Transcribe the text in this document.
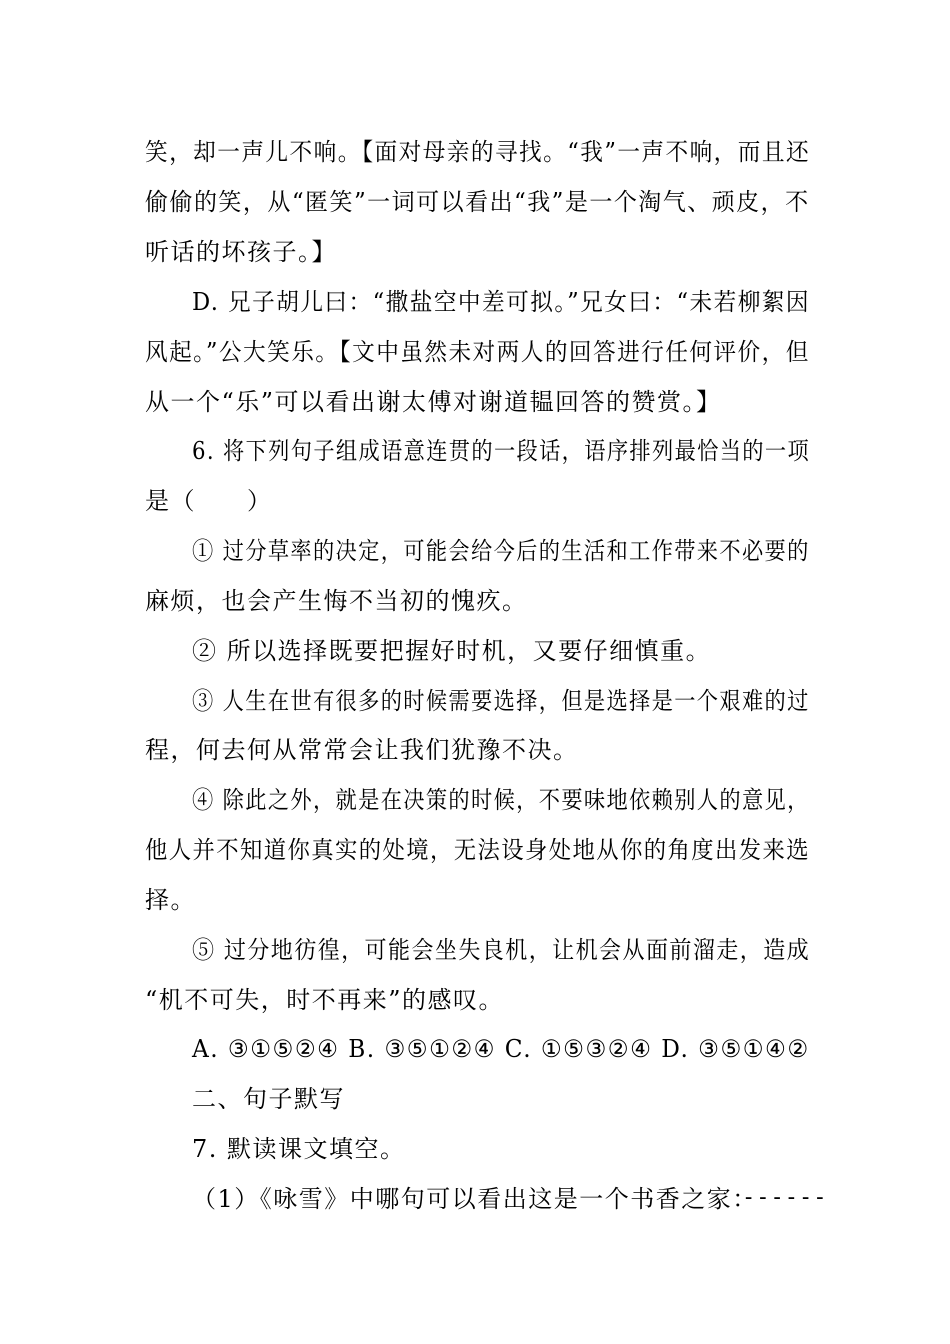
笑，却一声儿不响。【面对母亲的寻找。“我”一声不响，而且还
偷偷的笑，从“匿笑”一词可以看出“我”是一个淘气、顽皮，不
听话的坏孩子。】
D. 兄子胡儿曰：“撒盐空中差可拟。”兄女曰：“未若柳絮因
风起。”公大笑乐。【文中虽然未对两人的回答进行任何评价，但
从一个“乐”可以看出谢太傅对谢道韫回答的赞赏。】
6. 将下列句子组成语意连贯的一段话，语序排列最恰当的一项
是（　　）
① 过分草率的决定，可能会给今后的生活和工作带来不必要的
麻烦，也会产生悔不当初的愧疚。
② 所以选择既要把握好时机，又要仔细慎重。
③ 人生在世有很多的时候需要选择，但是选择是一个艰难的过
程，何去何从常常会让我们犹豫不决。
④ 除此之外，就是在决策的时候，不要味地依赖别人的意见，
他人并不知道你真实的处境，无法设身处地从你的角度出发来选
择。
⑤ 过分地彷徨，可能会坐失良机，让机会从面前溜走，造成
“机不可失，时不再来”的感叹。
A. ③①⑤②④ B. ③⑤①②④ C. ①⑤③②④ D. ③⑤①④②
二、句子默写
7. 默读课文填空。
（1）《咏雪》中哪句可以看出这是一个书香之家：
------
